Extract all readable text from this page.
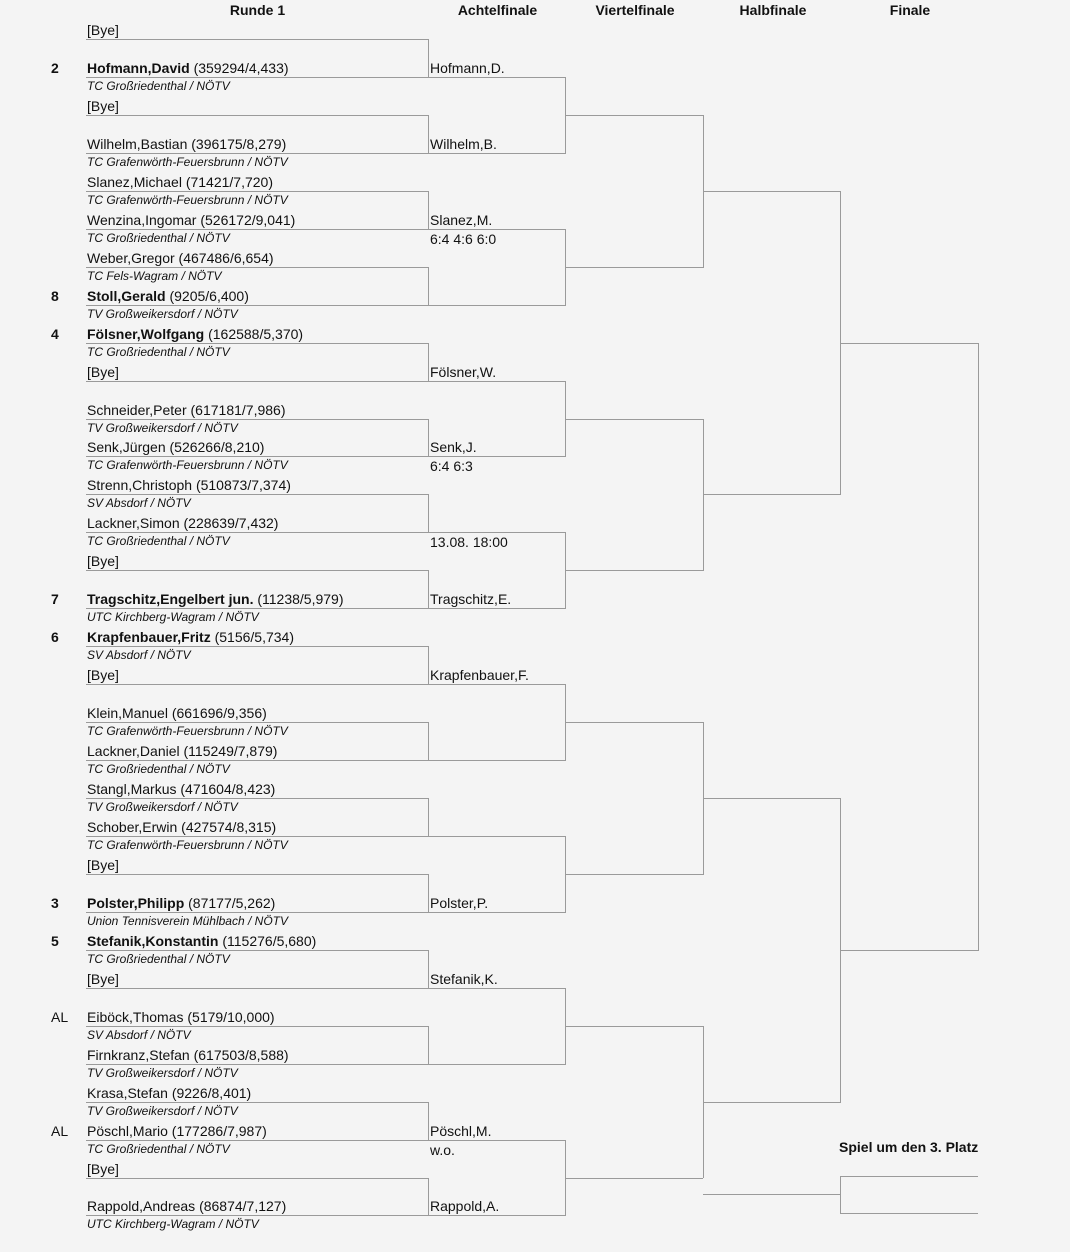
Runde 1	Achtelfinale	Viertelfinale	Halbfinale	Finale
Spiel um den 3. Platz
[Bye]
2 Hofmann,David (359294/4,433)
TC Großriedenthal / NÖTV
[Bye]
Wilhelm,Bastian (396175/8,279)
TC Grafenwörth-Feuersbrunn / NÖTV
Slanez,Michael (71421/7,720)
TC Grafenwörth-Feuersbrunn / NÖTV
Wenzina,Ingomar (526172/9,041)
TC Großriedenthal / NÖTV
Weber,Gregor (467486/6,654)
TC Fels-Wagram / NÖTV
8 Stoll,Gerald (9205/6,400)
TV Großweikersdorf / NÖTV
4 Fölsner,Wolfgang (162588/5,370)
TC Großriedenthal / NÖTV
[Bye]
Schneider,Peter (617181/7,986)
TV Großweikersdorf / NÖTV
Senk,Jürgen (526266/8,210)
TC Grafenwörth-Feuersbrunn / NÖTV
Strenn,Christoph (510873/7,374)
SV Absdorf / NÖTV
Lackner,Simon (228639/7,432)
TC Großriedenthal / NÖTV
[Bye]
7 Tragschitz,Engelbert jun. (11238/5,979)
UTC Kirchberg-Wagram / NÖTV
6 Krapfenbauer,Fritz (5156/5,734)
SV Absdorf / NÖTV
[Bye]
Klein,Manuel (661696/9,356)
TC Grafenwörth-Feuersbrunn / NÖTV
Lackner,Daniel (115249/7,879)
TC Großriedenthal / NÖTV
Stangl,Markus (471604/8,423)
TV Großweikersdorf / NÖTV
Schober,Erwin (427574/8,315)
TC Grafenwörth-Feuersbrunn / NÖTV
[Bye]
3 Polster,Philipp (87177/5,262)
Union Tennisverein Mühlbach / NÖTV
5 Stefanik,Konstantin (115276/5,680)
TC Großriedenthal / NÖTV
[Bye]
AL Eiböck,Thomas (5179/10,000)
SV Absdorf / NÖTV
Firnkranz,Stefan (617503/8,588)
TV Großweikersdorf / NÖTV
Krasa,Stefan (9226/8,401)
TV Großweikersdorf / NÖTV
AL Pöschl,Mario (177286/7,987)
TC Großriedenthal / NÖTV
[Bye]
Rappold,Andreas (86874/7,127)
UTC Kirchberg-Wagram / NÖTV
Hofmann,D.
Wilhelm,B.
Slanez,M.
6:4 4:6 6:0
Fölsner,W.
Senk,J.
6:4 6:3
13.08. 18:00
Tragschitz,E.
Krapfenbauer,F.
Polster,P.
Stefanik,K.
Pöschl,M.
w.o.
Rappold,A.
